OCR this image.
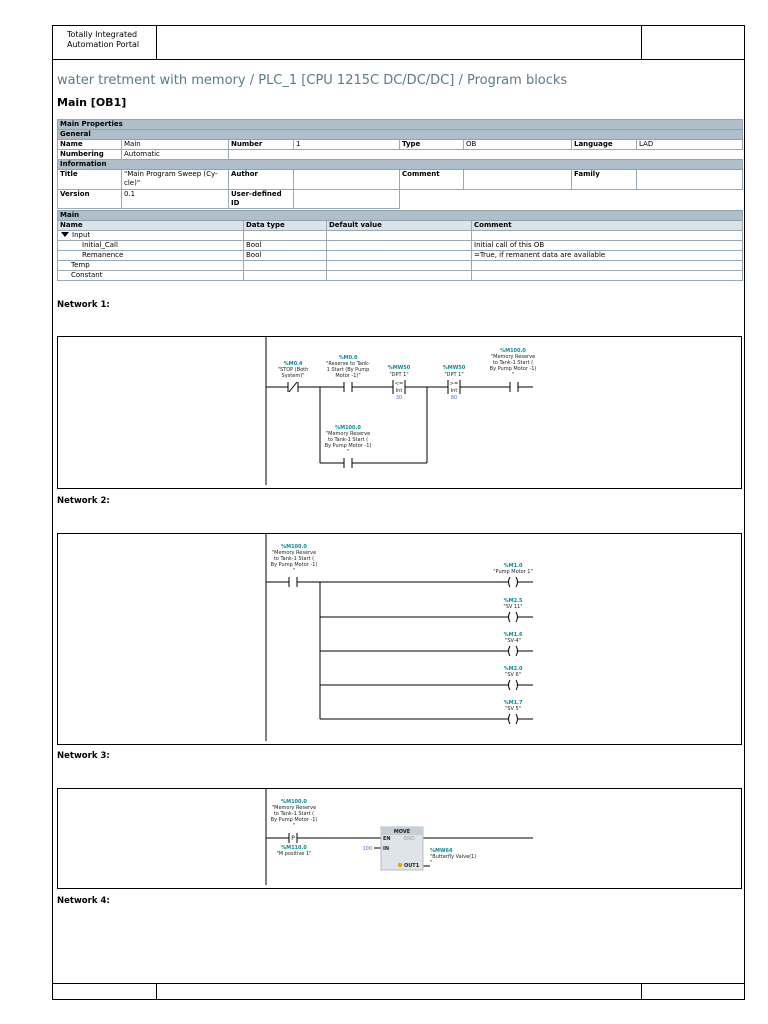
Totally Integrated
Automation Portal
water tretment with memory / PLC_1 [CPU 1215C DC/DC/DC] / Program blocks
Main [OB1]
Main Properties							
General							
Name	Main	Number	1	Type	OB	Language	LAD
Numbering	Automatic						
Information							
Title	"Main Program Sweep (Cy-
cle)"	Author		Comment		Family	
Version	0.1	User-defined ID					
Main			
Name	Data type	Default value	Comment
Input			
Initial_Call	Bool		Initial call of this OB
Remanence	Bool		=True, if remanent data are available
Temp			
Constant			
Network 1:
%M0.4
"STOP (Both
System)"
%M0.0
"Reserve to Tank-
1 Start (By Pump
Motor -1)"
%MW50
"DPT 1"
<=
Int
30
%MW50
"DPT 1"
>=
Int
80
%M100.0
"Memory Reserve
to Tank-1 Start (
By Pump Motor -1)
"
%M100.0
"Memory Reserve
to Tank-1 Start (
By Pump Motor -1)
"
Network 2:
%M100.0
"Memory Reserve
to Tank-1 Start (
By Pump Motor -1)
"
%M1.0
"Pump Motor 1"
%M2.5
"SV 11"
%M1.6
"SV-4"
%M2.0
"SV 6"
%M1.7
"SV 5"
Network 3:
%M100.0
"Memory Reserve
to Tank-1 Start (
By Pump Motor -1)
"
P
%M110.0
"M positive 1"
MOVE
EN	ENO
IN
100
OUT1
%MW64
"Butterfly Valve(1)
"
Network 4:
